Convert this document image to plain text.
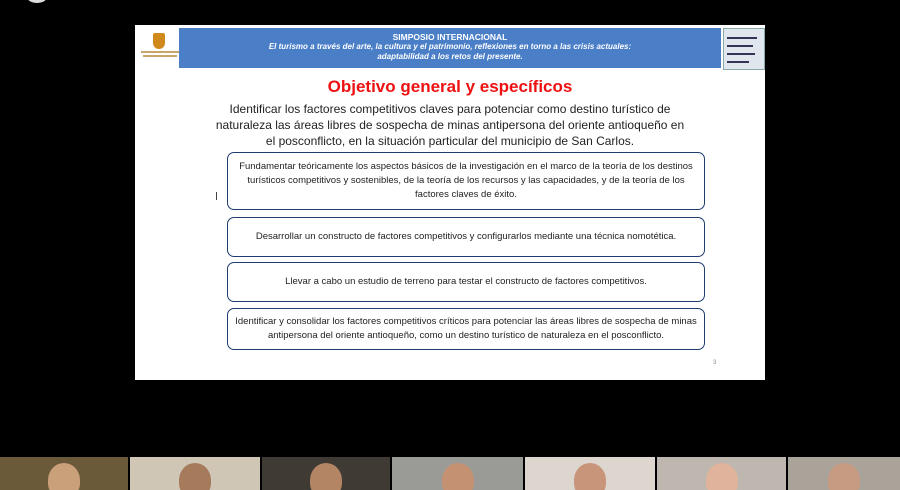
SIMPOSIO INTERNACIONAL
El turismo a través del arte, la cultura y el patrimonio, reflexiones en torno a las crisis actuales:
adaptabilidad a los retos del presente.
Objetivo general y específicos
Identificar los factores competitivos claves para potenciar como destino turístico de naturaleza las áreas libres de sospecha de minas antipersona del oriente antioqueño en el posconflicto, en la situación particular del municipio de San Carlos.
Fundamentar teóricamente los aspectos básicos de la investigación en el marco de la teoría de los destinos turísticos competitivos y sostenibles, de la teoría de los recursos y las capacidades, y de la teoría de los factores claves de éxito.
Desarrollar un constructo de factores competitivos y configurarlos mediante una técnica nomotética.
Llevar a cabo un estudio de terreno para testar el constructo de factores competitivos.
Identificar y consolidar los factores competitivos críticos para potenciar las áreas libres de sospecha de minas antipersona del oriente antioqueño, como un destino turístico de naturaleza en el posconflicto.
3
